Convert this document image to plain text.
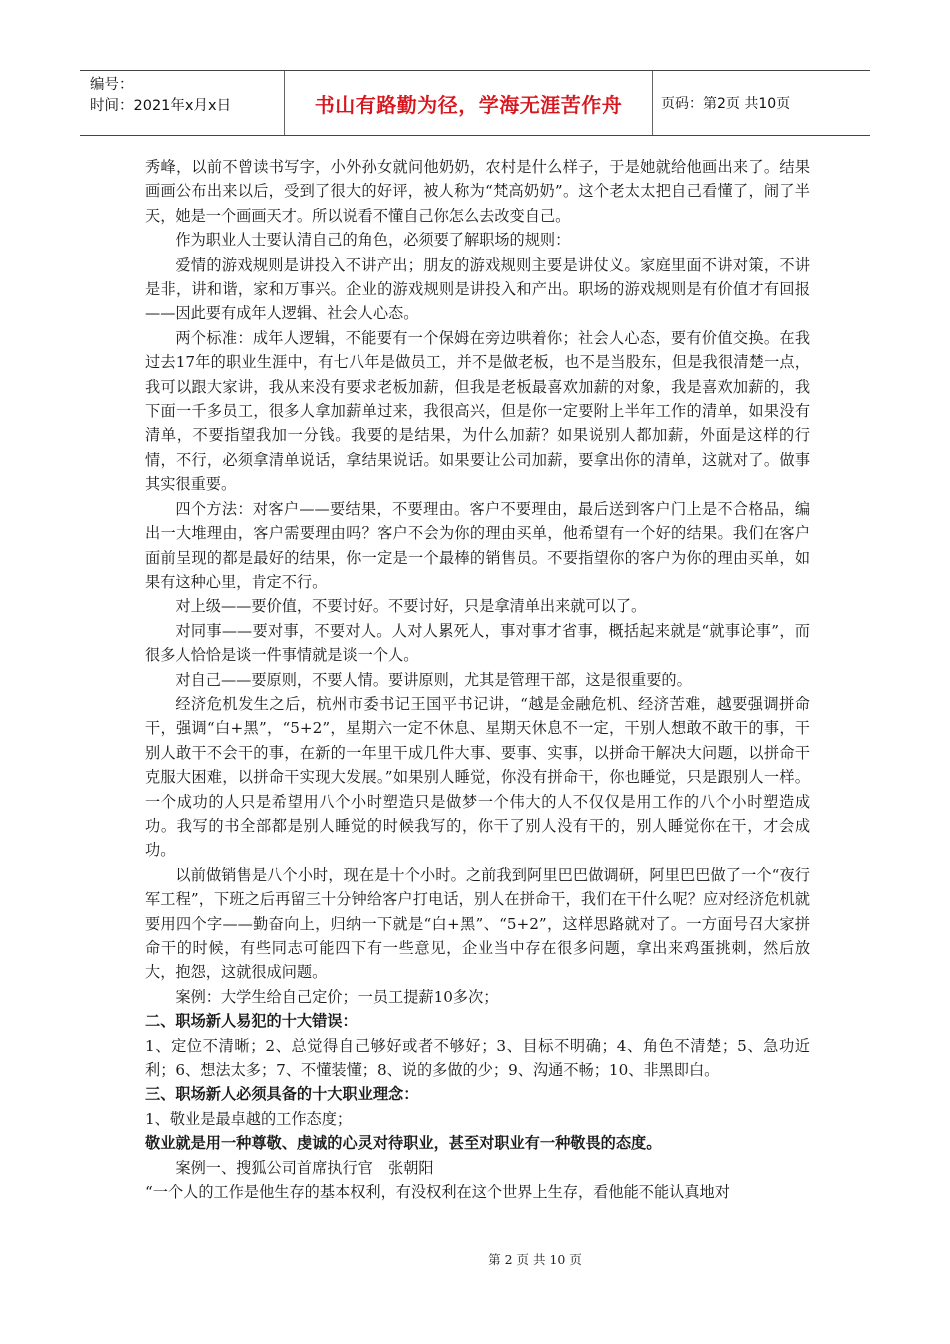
编号：
时间：2021年x月x日	书山有路勤为径，学海无涯苦作舟	页码：第2页 共10页

秀峰，以前不曾读书写字，小外孙女就问他奶奶，农村是什么样子，于是她就给他画出来了。结果画画公布出来以后，受到了很大的好评，被人称为“梵高奶奶”。这个老太太把自己看懂了，闹了半天，她是一个画画天才。所以说看不懂自己你怎么去改变自己。

作为职业人士要认清自己的角色，必须要了解职场的规则：

爱情的游戏规则是讲投入不讲产出；朋友的游戏规则主要是讲仗义。家庭里面不讲对策，不讲是非，讲和谐，家和万事兴。企业的游戏规则是讲投入和产出。职场的游戏规则是有价值才有回报——因此要有成年人逻辑、社会人心态。

两个标准：成年人逻辑，不能要有一个保姆在旁边哄着你；社会人心态，要有价值交换。在我过去17年的职业生涯中，有七八年是做员工，并不是做老板，也不是当股东，但是我很清楚一点，我可以跟大家讲，我从来没有要求老板加薪，但我是老板最喜欢加薪的对象，我是喜欢加薪的，我下面一千多员工，很多人拿加薪单过来，我很高兴，但是你一定要附上半年工作的清单，如果没有清单，不要指望我加一分钱。我要的是结果，为什么加薪？如果说别人都加薪，外面是这样的行情，不行，必须拿清单说话，拿结果说话。如果要让公司加薪，要拿出你的清单，这就对了。做事其实很重要。

四个方法：对客户——要结果，不要理由。客户不要理由，最后送到客户门上是不合格品，编出一大堆理由，客户需要理由吗？客户不会为你的理由买单，他希望有一个好的结果。我们在客户面前呈现的都是最好的结果，你一定是一个最棒的销售员。不要指望你的客户为你的理由买单，如果有这种心里，肯定不行。

对上级——要价值，不要讨好。不要讨好，只是拿清单出来就可以了。

对同事——要对事，不要对人。人对人累死人，事对事才省事，概括起来就是“就事论事”，而很多人恰恰是谈一件事情就是谈一个人。

对自己——要原则，不要人情。要讲原则，尤其是管理干部，这是很重要的。

经济危机发生之后，杭州市委书记王国平书记讲，“越是金融危机、经济苦难，越要强调拼命干，强调“白+黑”，“5+2”，星期六一定不休息、星期天休息不一定，干别人想敢不敢干的事，干别人敢干不会干的事，在新的一年里干成几件大事、要事、实事，以拼命干解决大问题，以拼命干克服大困难，以拼命干实现大发展。”如果别人睡觉，你没有拼命干，你也睡觉，只是跟别人一样。一个成功的人只是希望用八个小时塑造只是做梦一个伟大的人不仅仅是用工作的八个小时塑造成功。我写的书全部都是别人睡觉的时候我写的，你干了别人没有干的，别人睡觉你在干，才会成功。

以前做销售是八个小时，现在是十个小时。之前我到阿里巴巴做调研，阿里巴巴做了一个“夜行军工程”，下班之后再留三十分钟给客户打电话，别人在拼命干，我们在干什么呢？应对经济危机就要用四个字——勤奋向上，归纳一下就是“白+黑”、“5+2”，这样思路就对了。一方面号召大家拼命干的时候，有些同志可能四下有一些意见，企业当中存在很多问题，拿出来鸡蛋挑刺，然后放大，抱怨，这就很成问题。

案例：大学生给自己定价；一员工提薪10多次；

二、职场新人易犯的十大错误：

1、定位不清晰；2、总觉得自己够好或者不够好；3、目标不明确；4、角色不清楚；5、急功近利；6、想法太多；7、不懂装懂；8、说的多做的少；9、沟通不畅；10、非黑即白。

三、职场新人必须具备的十大职业理念：

1、敬业是最卓越的工作态度；

敬业就是用一种尊敬、虔诚的心灵对待职业，甚至对职业有一种敬畏的态度。

案例一、搜狐公司首席执行官　张朝阳

“一个人的工作是他生存的基本权利，有没权利在这个世界上生存，看他能不能认真地对

第 2 页 共 10 页
